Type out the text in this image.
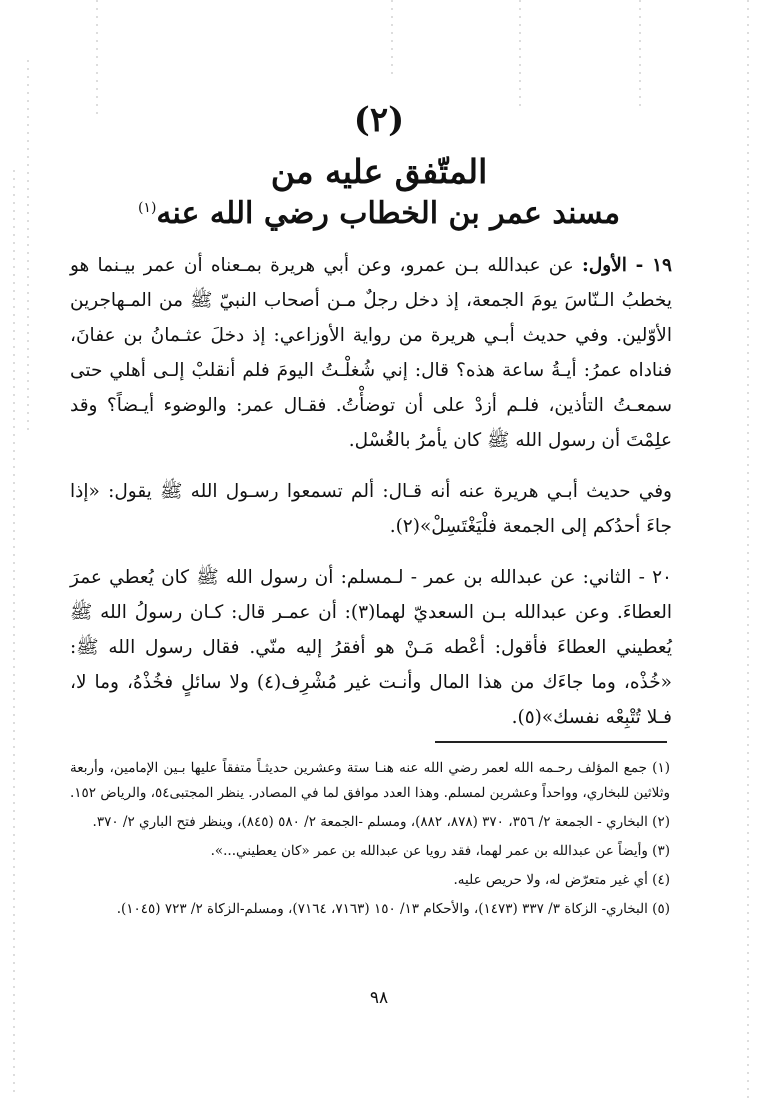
(٢)
المتّفق عليه من
مسند عمر بن الخطاب رضي الله عنه$^{(١)}$

١٩ - الأول: عن عبدالله بـن عمرو، وعن أبي هريرة بمـعناه أن عمر بيـنما هو يخطبُ الـنّاسَ يومَ الجمعة، إذ دخل رجلٌ مـن أصحاب النبيّ ﷺ من المـهاجرين الأوّلين. وفي حديث أبـي هريرة من رواية الأوزاعي: إذ دخلَ عثـمانُ بن عفانَ، فناداه عمرُ: أيـةُ ساعة هذه؟ قال: إني شُغلْـتُ اليومَ فلم أنقلبْ إلـى أهلي حتى سمعـتُ التأذين، فلـم أزدْ على أن توضأْتُ. فقـال عمر: والوضوء أيـضاً؟ وقد علِمْتَ أن رسول الله ﷺ كان يأمرُ بالغُسْل.

وفي حديث أبـي هريرة عنه أنه قـال: ألم تسمعوا رسـول الله ﷺ يقول: «إذا جاءَ أحدُكم إلى الجمعة فلْيَغْتَسِلْ»(٢).

٢٠ - الثاني: عن عبدالله بن عمر - لـمسلم: أن رسول الله ﷺ كان يُعطي عمرَ العطاءَ. وعن عبدالله بـن السعديّ لهما(٣): أن عمـر قال: كـان رسولُ الله ﷺ يُعطيني العطاءَ فأقول: أعْطه مَـنْ هو أفقرُ إليه منّي. فقال رسول الله ﷺ: «خُذْه، وما جاءَك من هذا المال وأنـت غير مُشْرِف(٤) ولا سائلٍ فخُذْهُ، وما لا، فـلا تُتْبِعْه نفسك»(٥).

(١) جمع المؤلف رحـمه الله لعمر رضي الله عنه هنـا ستة وعشرين حديثـاً متفقاً عليها بـين الإمامين، وأربعة وثلاثين للبخاري، وواحداً وعشرين لمسلم. وهذا العدد موافق لما في المصادر. ينظر المجتبى٥٤، والرياض ١٥٢.

(٢) البخاري - الجمعة ٢/ ٣٥٦، ٣٧٠ (٨٧٨، ٨٨٢)، ومسلم -الجمعة ٢/ ٥٨٠ (٨٤٥)، وينظر فتح الباري ٢/ ٣٧٠.

(٣) وأيضاً عن عبدالله بن عمر لهما، فقد رويا عن عبدالله بن عمر «كان يعطيني...».

(٤) أي غير متعرّض له، ولا حريص عليه.

(٥) البخاري- الزكاة ٣/ ٣٣٧ (١٤٧٣)، والأحكام ١٣/ ١٥٠ (٧١٦٣، ٧١٦٤)، ومسلم-الزكاة ٢/ ٧٢٣ (١٠٤٥).

٩٨
